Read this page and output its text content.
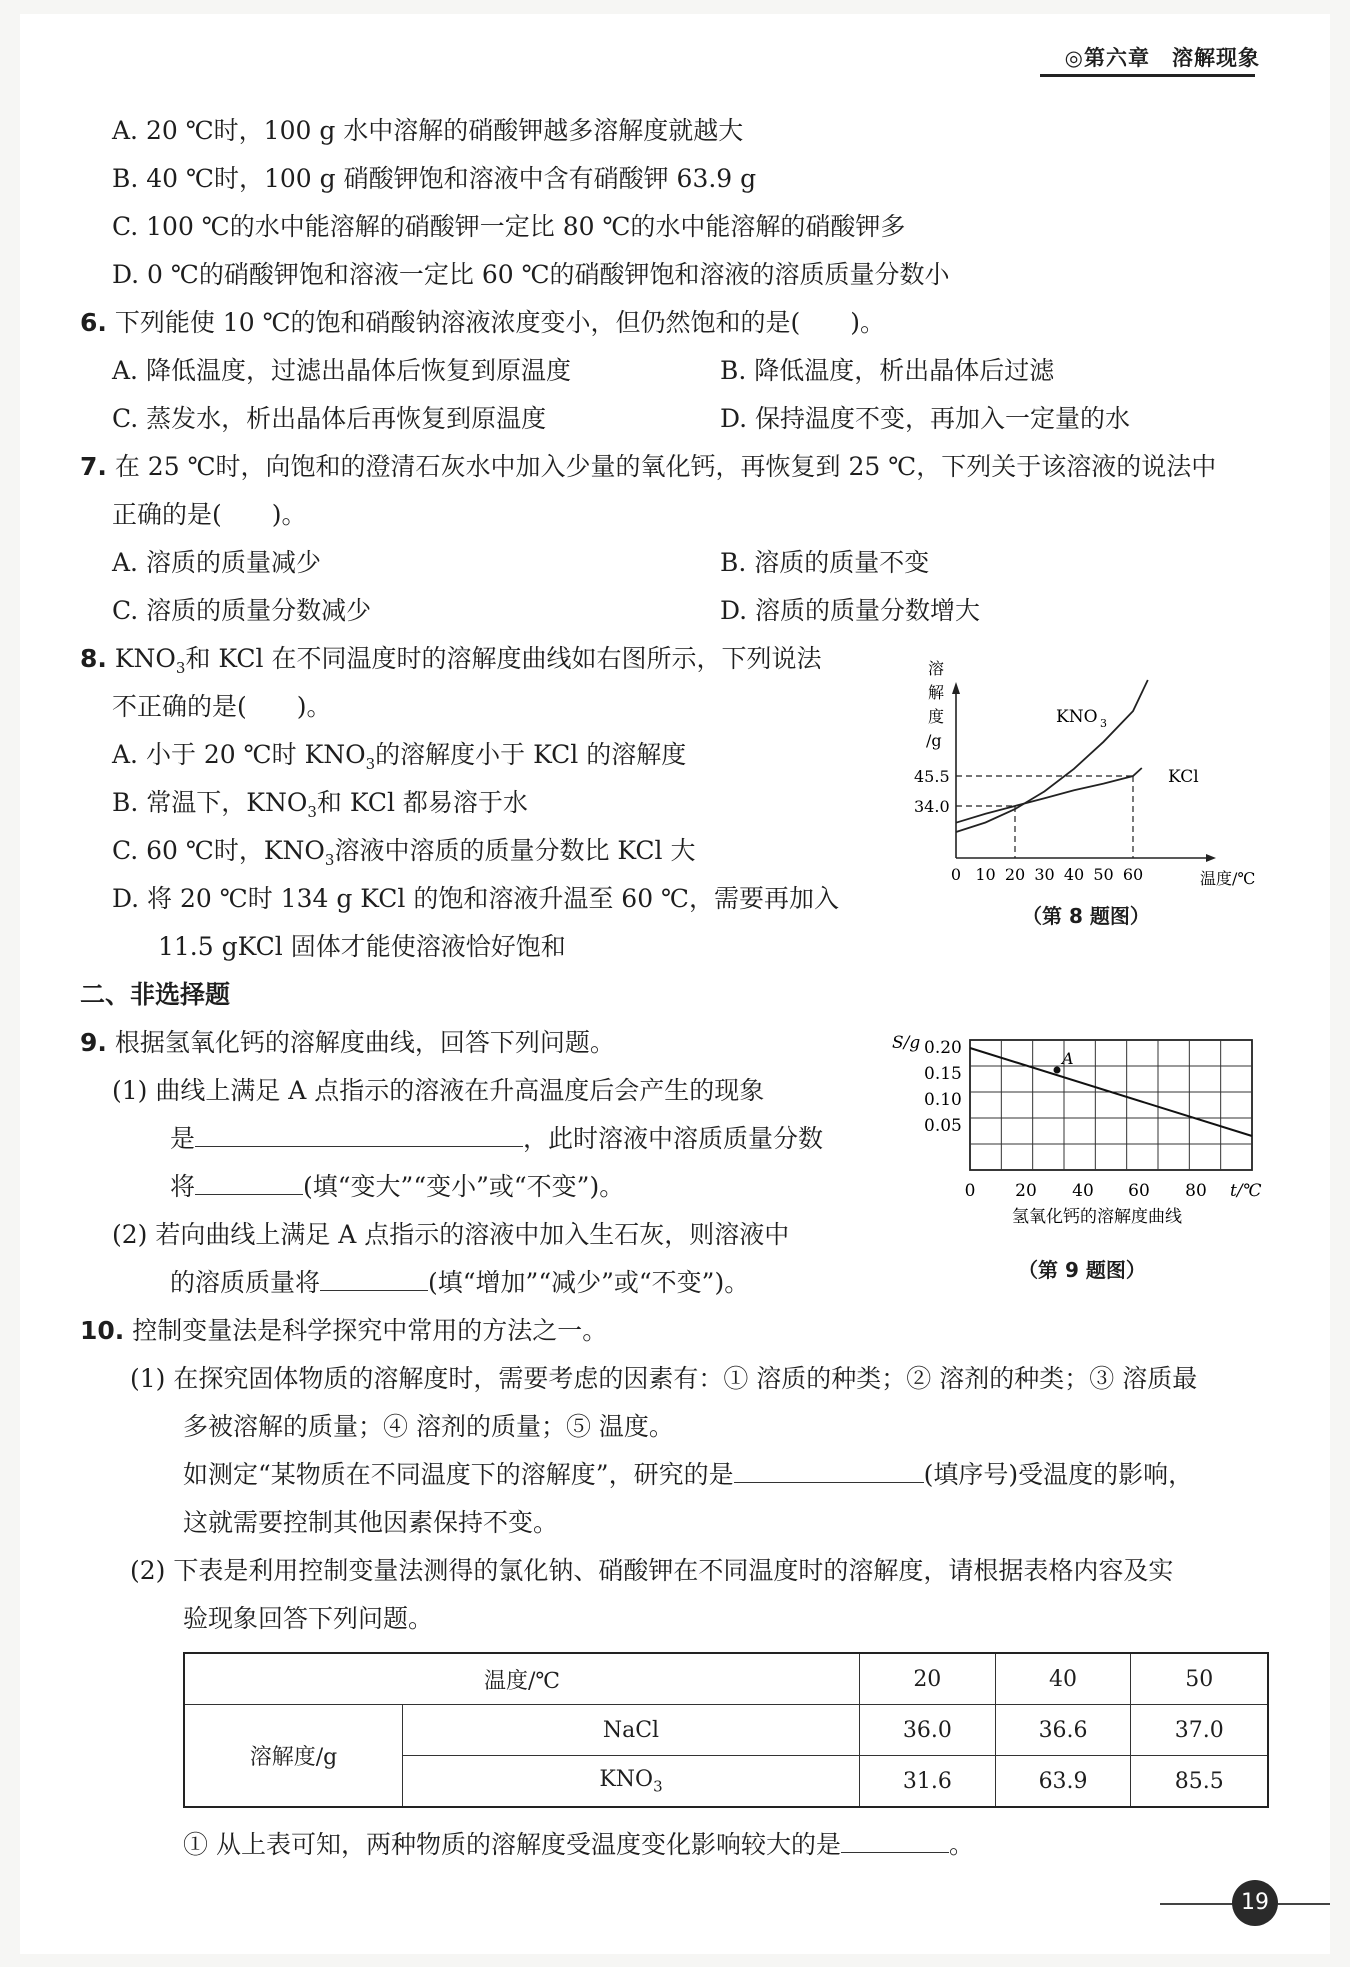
◎第六章　溶解现象
A. 20 ℃时，100 g 水中溶解的硝酸钾越多溶解度就越大
B. 40 ℃时，100 g 硝酸钾饱和溶液中含有硝酸钾 63.9 g
C. 100 ℃的水中能溶解的硝酸钾一定比 80 ℃的水中能溶解的硝酸钾多
D. 0 ℃的硝酸钾饱和溶液一定比 60 ℃的硝酸钾饱和溶液的溶质质量分数小
6. 下列能使 10 ℃的饱和硝酸钠溶液浓度变小，但仍然饱和的是(　　)。
A. 降低温度，过滤出晶体后恢复到原温度	B. 降低温度，析出晶体后过滤
C. 蒸发水，析出晶体后再恢复到原温度	D. 保持温度不变，再加入一定量的水
7. 在 25 ℃时，向饱和的澄清石灰水中加入少量的氧化钙，再恢复到 25 ℃，下列关于该溶液的说法中
正确的是(　　)。
A. 溶质的质量减少	B. 溶质的质量不变
C. 溶质的质量分数减少	D. 溶质的质量分数增大
8. $KNO_3$和 KCl 在不同温度时的溶解度曲线如右图所示，下列说法
不正确的是(　　)。
A. 小于 20 ℃时 $KNO_3$的溶解度小于 KCl 的溶解度
B. 常温下，$KNO_3$和 KCl 都易溶于水
C. 60 ℃时，$KNO_3$溶液中溶质的质量分数比 KCl 大
D. 将 20 ℃时 134 g KCl 的饱和溶液升温至 60 ℃，需要再加入
11.5 gKCl 固体才能使溶液恰好饱和
溶
解
度
/g
温度/℃
0 10 20 30 40 50 60
45.5
34.0
KNO 3
KCl
（第 8 题图）
二、非选择题
9. 根据氢氧化钙的溶解度曲线，回答下列问题。
(1) 曲线上满足 A 点指示的溶液在升高温度后会产生的现象
是	，此时溶液中溶质质量分数
将	(填“变大”“变小”或“不变”)。
(2) 若向曲线上满足 A 点指示的溶液中加入生石灰，则溶液中
的溶质质量将	(填“增加”“减少”或“不变”)。
A
S/g 0.20
0.15
0.10
0.05
0 20 40 60 80 t/℃
氢氧化钙的溶解度曲线
（第 9 题图）
10. 控制变量法是科学探究中常用的方法之一。
(1) 在探究固体物质的溶解度时，需要考虑的因素有：① 溶质的种类；② 溶剂的种类；③ 溶质最
多被溶解的质量；④ 溶剂的质量；⑤ 温度。
如测定“某物质在不同温度下的溶解度”，研究的是	(填序号)受温度的影响，
这就需要控制其他因素保持不变。
(2) 下表是利用控制变量法测得的氯化钠、硝酸钾在不同温度时的溶解度，请根据表格内容及实
验现象回答下列问题。
温度/℃		20	40	50
溶解度/g	NaCl	36.0	36.6	37.0
	$KNO_3$	31.6	63.9	85.5
① 从上表可知，两种物质的溶解度受温度变化影响较大的是	。
19
